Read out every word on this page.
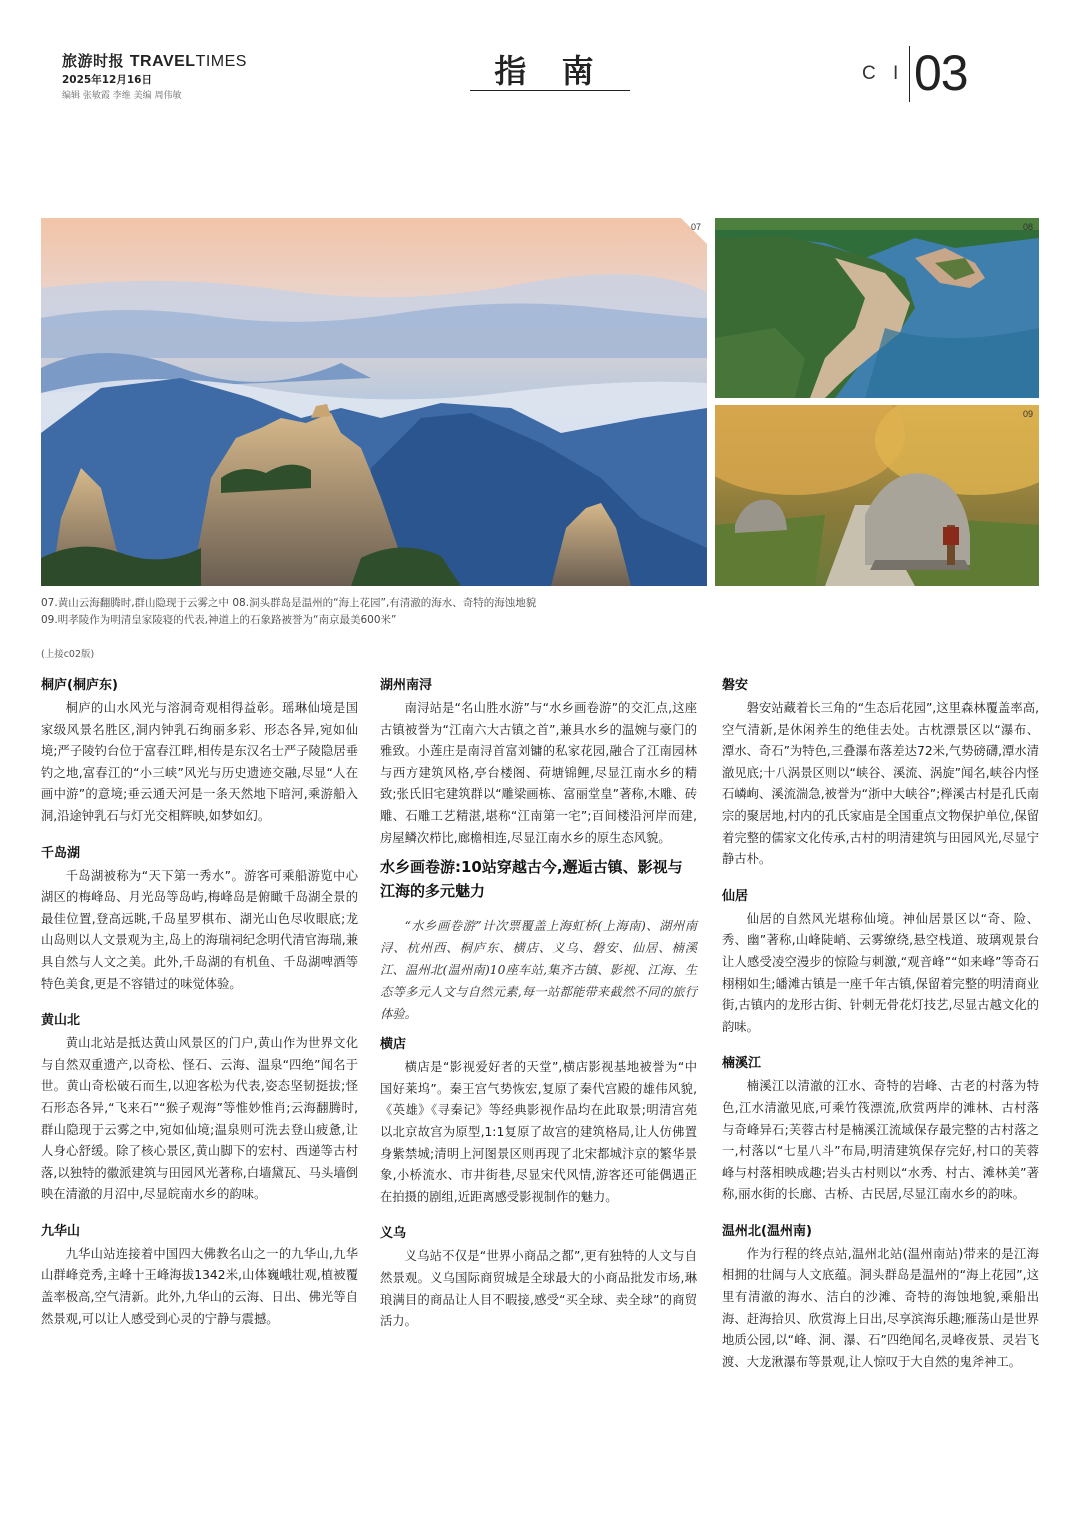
旅游时报 TRAVELTIMES
2025年12月16日
编辑 张敏霞 李维 美编 周伟敏
指 南	C I 03
07	08
09
07.黄山云海翻腾时,群山隐现于云雾之中 08.洞头群岛是温州的“海上花园”,有清澈的海水、奇特的海蚀地貌
09.明孝陵作为明清皇家陵寝的代表,神道上的石象路被誉为“南京最美600米”
(上接c02版)
桐庐(桐庐东)

桐庐的山水风光与溶洞奇观相得益彰。瑶琳仙境是国家级风景名胜区,洞内钟乳石绚丽多彩、形态各异,宛如仙境;严子陵钓台位于富春江畔,相传是东汉名士严子陵隐居垂钓之地,富春江的“小三峡”风光与历史遗迹交融,尽显“人在画中游”的意境;垂云通天河是一条天然地下暗河,乘游船入洞,沿途钟乳石与灯光交相辉映,如梦如幻。

千岛湖

千岛湖被称为“天下第一秀水”。游客可乘船游览中心湖区的梅峰岛、月光岛等岛屿,梅峰岛是俯瞰千岛湖全景的最佳位置,登高远眺,千岛星罗棋布、湖光山色尽收眼底;龙山岛则以人文景观为主,岛上的海瑞祠纪念明代清官海瑞,兼具自然与人文之美。此外,千岛湖的有机鱼、千岛湖啤酒等特色美食,更是不容错过的味觉体验。

黄山北

黄山北站是抵达黄山风景区的门户,黄山作为世界文化与自然双重遗产,以奇松、怪石、云海、温泉“四绝”闻名于世。黄山奇松破石而生,以迎客松为代表,姿态坚韧挺拔;怪石形态各异,“飞来石”“猴子观海”等惟妙惟肖;云海翻腾时,群山隐现于云雾之中,宛如仙境;温泉则可洗去登山疲惫,让人身心舒缓。除了核心景区,黄山脚下的宏村、西递等古村落,以独特的徽派建筑与田园风光著称,白墙黛瓦、马头墙倒映在清澈的月沼中,尽显皖南水乡的韵味。

九华山

九华山站连接着中国四大佛教名山之一的九华山,九华山群峰竞秀,主峰十王峰海拔1342米,山体巍峨壮观,植被覆盖率极高,空气清新。此外,九华山的云海、日出、佛光等自然景观,可以让人感受到心灵的宁静与震撼。

湖州南浔

南浔站是“名山胜水游”与“水乡画卷游”的交汇点,这座古镇被誉为“江南六大古镇之首”,兼具水乡的温婉与豪门的雅致。小莲庄是南浔首富刘镛的私家花园,融合了江南园林与西方建筑风格,亭台楼阁、荷塘锦鲤,尽显江南水乡的精致;张氏旧宅建筑群以“雕梁画栋、富丽堂皇”著称,木雕、砖雕、石雕工艺精湛,堪称“江南第一宅”;百间楼沿河岸而建,房屋鳞次栉比,廊檐相连,尽显江南水乡的原生态风貌。

水乡画卷游:10站穿越古今,邂逅古镇、影视与江海的多元魅力

“水乡画卷游”计次票覆盖上海虹桥(上海南)、湖州南浔、杭州西、桐庐东、横店、义乌、磐安、仙居、楠溪江、温州北(温州南)10座车站,集齐古镇、影视、江海、生态等多元人文与自然元素,每一站都能带来截然不同的旅行体验。

横店

横店是“影视爱好者的天堂”,横店影视基地被誉为“中国好莱坞”。秦王宫气势恢宏,复原了秦代宫殿的雄伟风貌,《英雄》《寻秦记》等经典影视作品均在此取景;明清宫苑以北京故宫为原型,1:1复原了故宫的建筑格局,让人仿佛置身紫禁城;清明上河图景区则再现了北宋都城汴京的繁华景象,小桥流水、市井街巷,尽显宋代风情,游客还可能偶遇正在拍摄的剧组,近距离感受影视制作的魅力。

义乌

义乌站不仅是“世界小商品之都”,更有独特的人文与自然景观。义乌国际商贸城是全球最大的小商品批发市场,琳琅满目的商品让人目不暇接,感受“买全球、卖全球”的商贸活力。

磐安

磐安站藏着长三角的“生态后花园”,这里森林覆盖率高,空气清新,是休闲养生的绝佳去处。古枕漂景区以“瀑布、潭水、奇石”为特色,三叠瀑布落差达72米,气势磅礴,潭水清澈见底;十八涡景区则以“峡谷、溪流、涡旋”闻名,峡谷内怪石嶙峋、溪流湍急,被誉为“浙中大峡谷”;榉溪古村是孔氏南宗的聚居地,村内的孔氏家庙是全国重点文物保护单位,保留着完整的儒家文化传承,古村的明清建筑与田园风光,尽显宁静古朴。

仙居

仙居的自然风光堪称仙境。神仙居景区以“奇、险、秀、幽”著称,山峰陡峭、云雾缭绕,悬空栈道、玻璃观景台让人感受凌空漫步的惊险与刺激,“观音峰”“如来峰”等奇石栩栩如生;皤滩古镇是一座千年古镇,保留着完整的明清商业街,古镇内的龙形古街、针刺无骨花灯技艺,尽显古越文化的韵味。

楠溪江

楠溪江以清澈的江水、奇特的岩峰、古老的村落为特色,江水清澈见底,可乘竹筏漂流,欣赏两岸的滩林、古村落与奇峰异石;芙蓉古村是楠溪江流域保存最完整的古村落之一,村落以“七星八斗”布局,明清建筑保存完好,村口的芙蓉峰与村落相映成趣;岩头古村则以“水秀、村古、滩林美”著称,丽水街的长廊、古桥、古民居,尽显江南水乡的韵味。

温州北(温州南)

作为行程的终点站,温州北站(温州南站)带来的是江海相拥的壮阔与人文底蕴。洞头群岛是温州的“海上花园”,这里有清澈的海水、洁白的沙滩、奇特的海蚀地貌,乘船出海、赶海拾贝、欣赏海上日出,尽享滨海乐趣;雁荡山是世界地质公园,以“峰、洞、瀑、石”四绝闻名,灵峰夜景、灵岩飞渡、大龙湫瀑布等景观,让人惊叹于大自然的鬼斧神工。
